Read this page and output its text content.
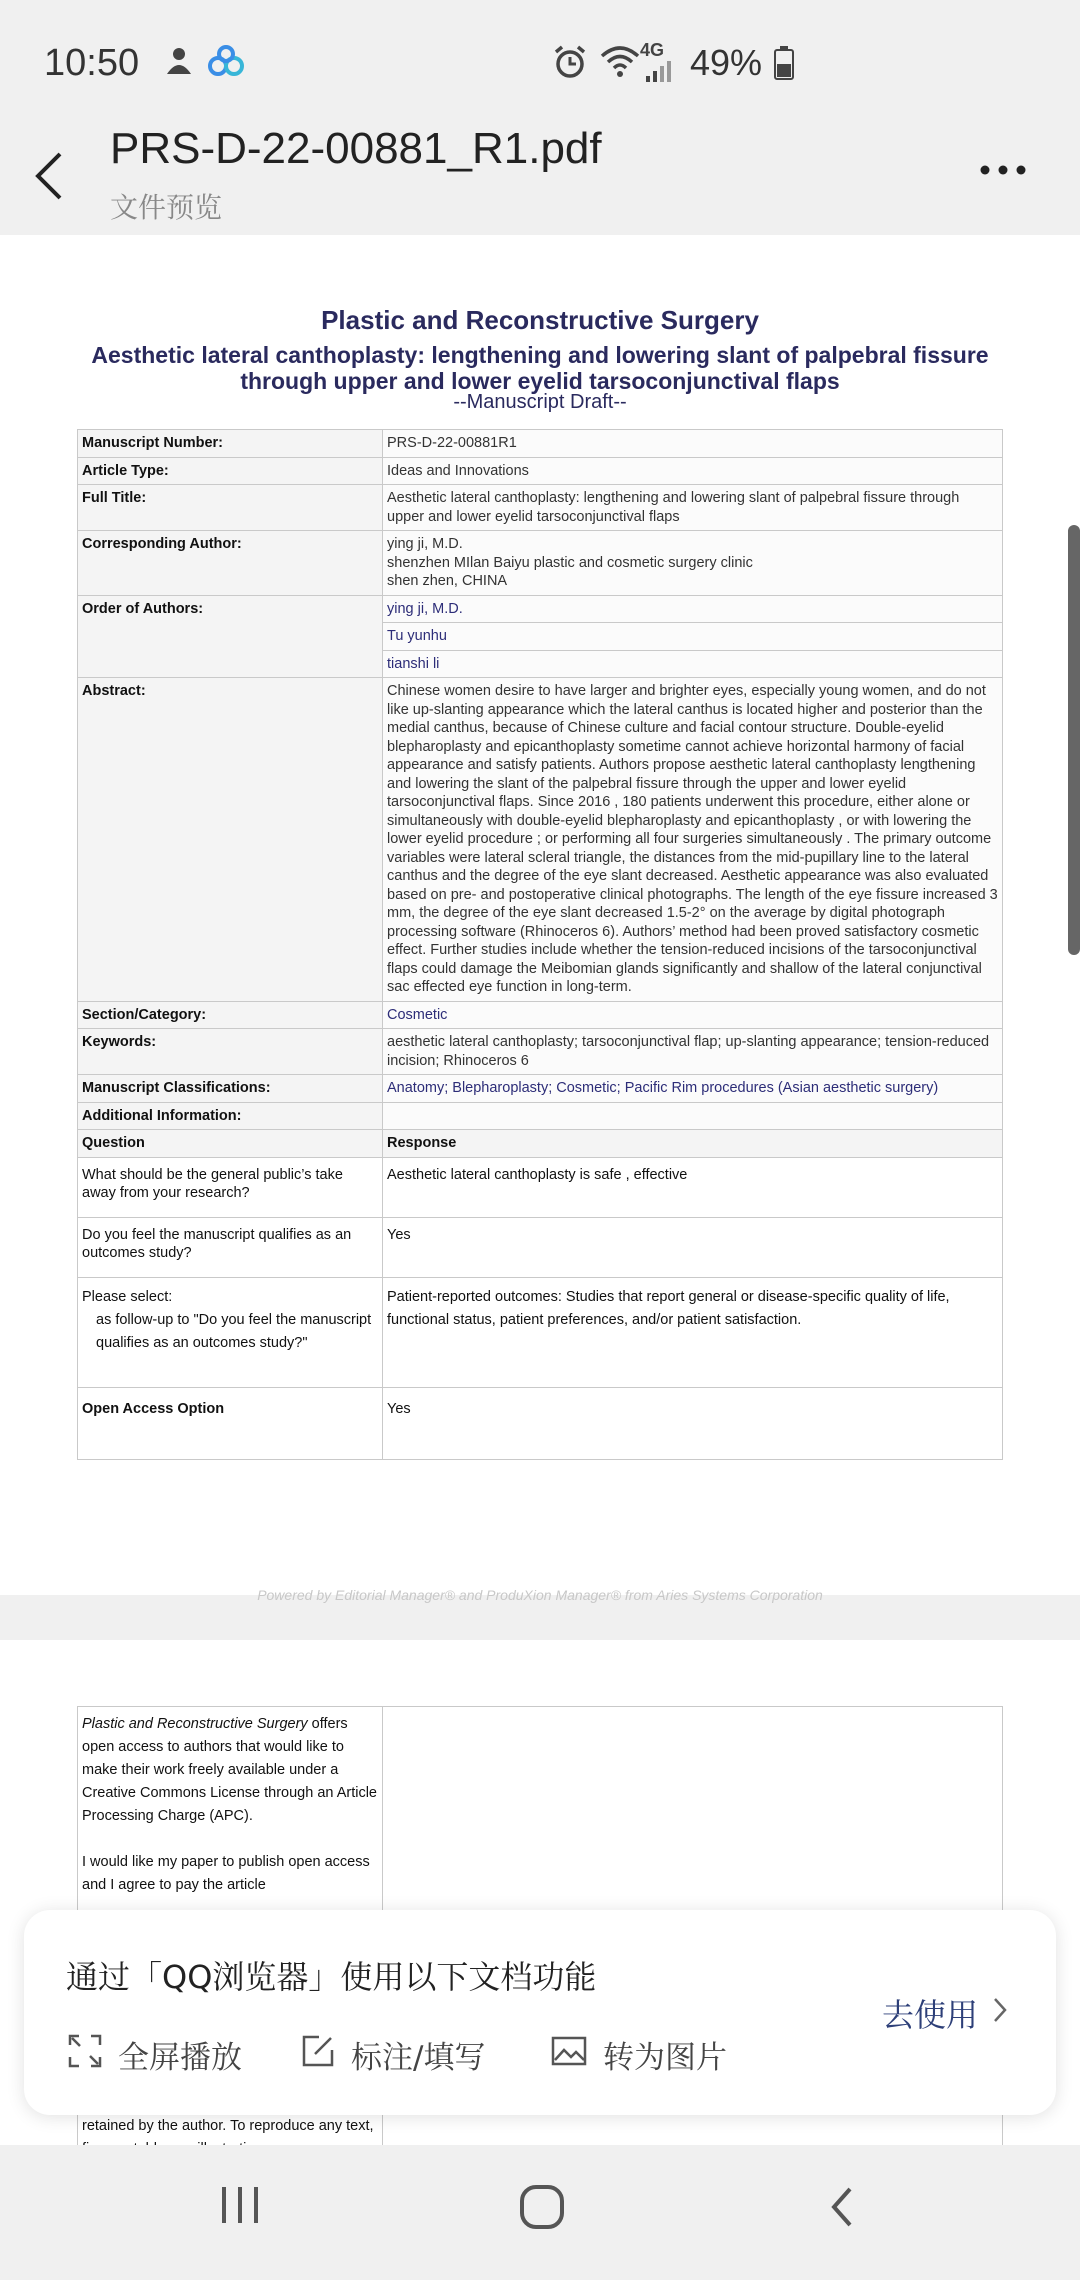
10:50	4G 49%
PRS-D-22-00881_R1.pdf
文件预览
Plastic and Reconstructive Surgery
Aesthetic lateral canthoplasty: lengthening and lowering slant of palpebral fissure through upper and lower eyelid tarsoconjunctival flaps
--Manuscript Draft--
Manuscript Number:	PRS-D-22-00881R1
Article Type:	Ideas and Innovations
Full Title:	Aesthetic lateral canthoplasty: lengthening and lowering slant of palpebral fissure through upper and lower eyelid tarsoconjunctival flaps
Corresponding Author:	ying ji, M.D.
shenzhen MIlan Baiyu plastic and cosmetic surgery clinic
shen zhen, CHINA

Order of Authors:	ying ji, M.D.
Tu yunhu
tianshi li

Abstract:	Chinese women desire to have larger and brighter eyes, especially young women, and do not like up-slanting appearance which the lateral canthus is located higher and posterior than the medial canthus, because of Chinese culture and facial contour structure. Double-eyelid blepharoplasty and epicanthoplasty sometime cannot achieve horizontal harmony of facial appearance and satisfy patients. Authors propose aesthetic lateral canthoplasty lengthening and lowering the slant of the palpebral fissure through the upper and lower eyelid tarsoconjunctival flaps. Since 2016 , 180 patients underwent this procedure, either alone or simultaneously with double-eyelid blepharoplasty and epicanthoplasty , or with lowering the lower eyelid procedure ; or performing all four surgeries simultaneously . The primary outcome variables were lateral scleral triangle, the distances from the mid-pupillary line to the lateral canthus and the degree of the eye slant decreased. Aesthetic appearance was also evaluated based on pre- and postoperative clinical photographs. The length of the eye fissure increased 3 mm, the degree of the eye slant decreased 1.5-2° on the average by digital photograph processing software (Rhinoceros 6). Authors’ method had been proved satisfactory cosmetic effect. Further studies include whether the tension-reduced incisions of the tarsoconjunctival flaps could damage the Meibomian glands significantly and shallow of the lateral conjunctival sac effected eye function in long-term.
Section/Category:	Cosmetic
Keywords:	aesthetic lateral canthoplasty; tarsoconjunctival flap; up-slanting appearance; tension-reduced incision; Rhinoceros 6
Manuscript Classifications:	Anatomy; Blepharoplasty; Cosmetic; Pacific Rim procedures (Asian aesthetic surgery)
Additional Information:	
Question	Response
What should be the general public’s take away from your research?	Aesthetic lateral canthoplasty is safe , effective
Do you feel the manuscript qualifies as an outcomes study?	Yes

Please select:
as follow-up to "Do you feel the manuscript qualifies as an outcomes study?"	Patient-reported outcomes: Studies that report general or disease-specific quality of life, functional status, patient preferences, and/or patient satisfaction.
Open Access Option	Yes
Powered by Editorial Manager® and ProduXion Manager® from Aries Systems Corporation
Plastic and Reconstructive Surgery offers open access to authors that would like to make their work freely available under a Creative Commons License through an Article Processing Charge (APC).
I would like my paper to publish open access and I agree to pay the article
retained by the author. To reproduce any text,

通过「QQ浏览器」使用以下文档功能
全屏播放	标注/填写	转为图片
去使用
